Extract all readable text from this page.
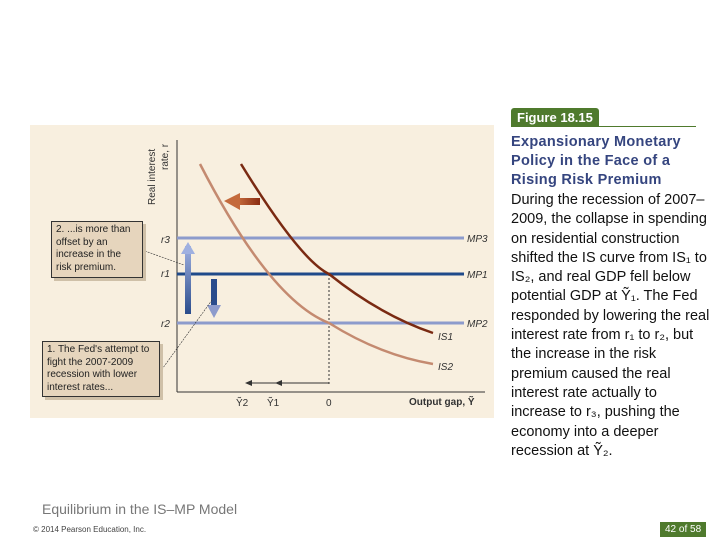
Real interest rate, r
Output gap, Ỹ
r3
r1
r2
MP3
MP1
MP2
IS1
IS2
Ỹ2 Ỹ1	0
2. ...is more than offset by an increase in the risk premium.
1. The Fed's attempt to fight the 2007-2009 recession with lower interest rates...
Figure 18.15
Expansionary Monetary Policy in the Face of a Rising Risk Premium
During the recession of 2007–2009, the collapse in spending on residential construction shifted the IS curve from IS₁ to IS₂, and real GDP fell below potential GDP at Ỹ₁. The Fed responded by lowering the real interest rate from r₁ to r₂, but the increase in the risk premium caused the real interest rate actually to increase to r₃, pushing the economy into a deeper recession at Ỹ₂.
Equilibrium in the IS–MP Model
© 2014 Pearson Education, Inc.	42 of 58
